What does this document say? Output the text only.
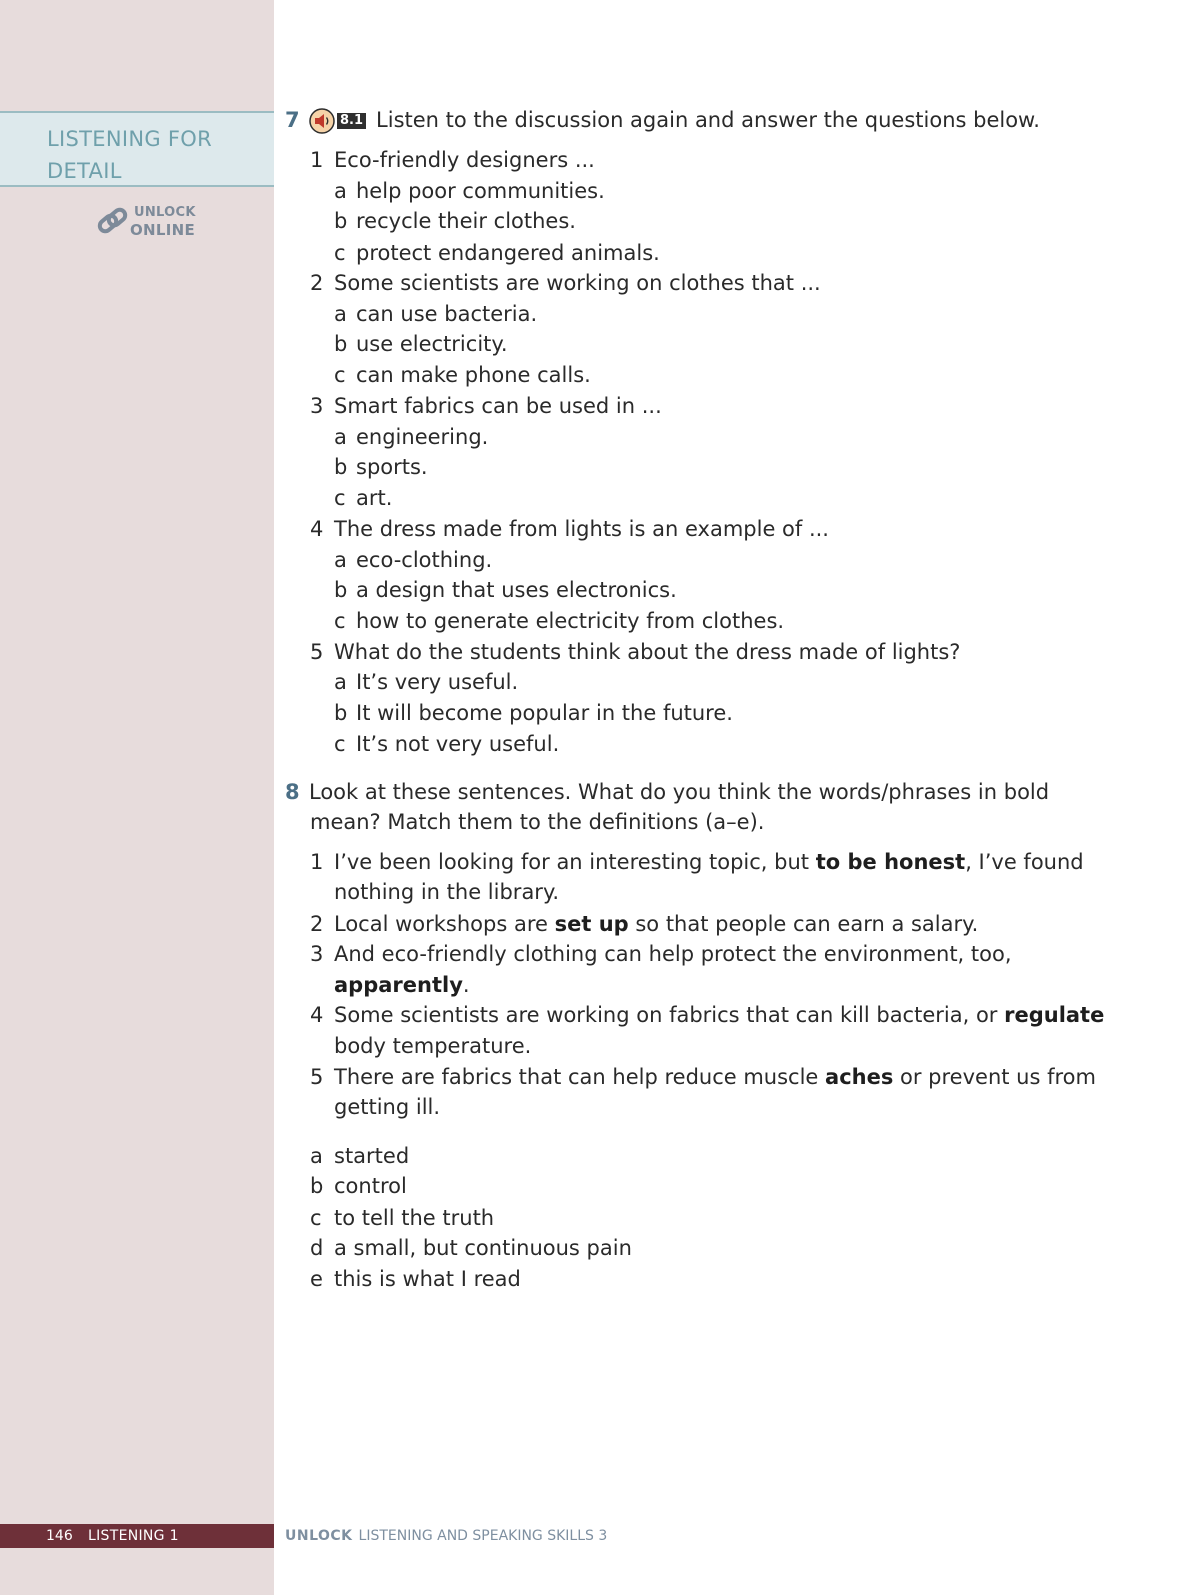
LISTENING FOR
DETAIL
UNLOCK
ONLINE
146 LISTENING 1	UNLOCK LISTENING AND SPEAKING SKILLS 3
7	8.1 Listen to the discussion again and answer the questions below.
1 Eco-friendly designers ...
a help poor communities.
b recycle their clothes.
c protect endangered animals.
2 Some scientists are working on clothes that ...
a can use bacteria.
b use electricity.
c can make phone calls.
3 Smart fabrics can be used in ...
a engineering.
b sports.
c art.
4 The dress made from lights is an example of ...
a eco-clothing.
b a design that uses electronics.
c how to generate electricity from clothes.
5 What do the students think about the dress made of lights?
a It’s very useful.
b It will become popular in the future.
c It’s not very useful.
8 Look at these sentences. What do you think the words/phrases in bold
mean? Match them to the definitions (a–e).
1 I’ve been looking for an interesting topic, but to be honest, I’ve found
nothing in the library.
2 Local workshops are set up so that people can earn a salary.
3 And eco-friendly clothing can help protect the environment, too,
apparently.
4 Some scientists are working on fabrics that can kill bacteria, or regulate
body temperature.
5 There are fabrics that can help reduce muscle aches or prevent us from
getting ill.
a started
b control
c to tell the truth
d a small, but continuous pain
e this is what I read
